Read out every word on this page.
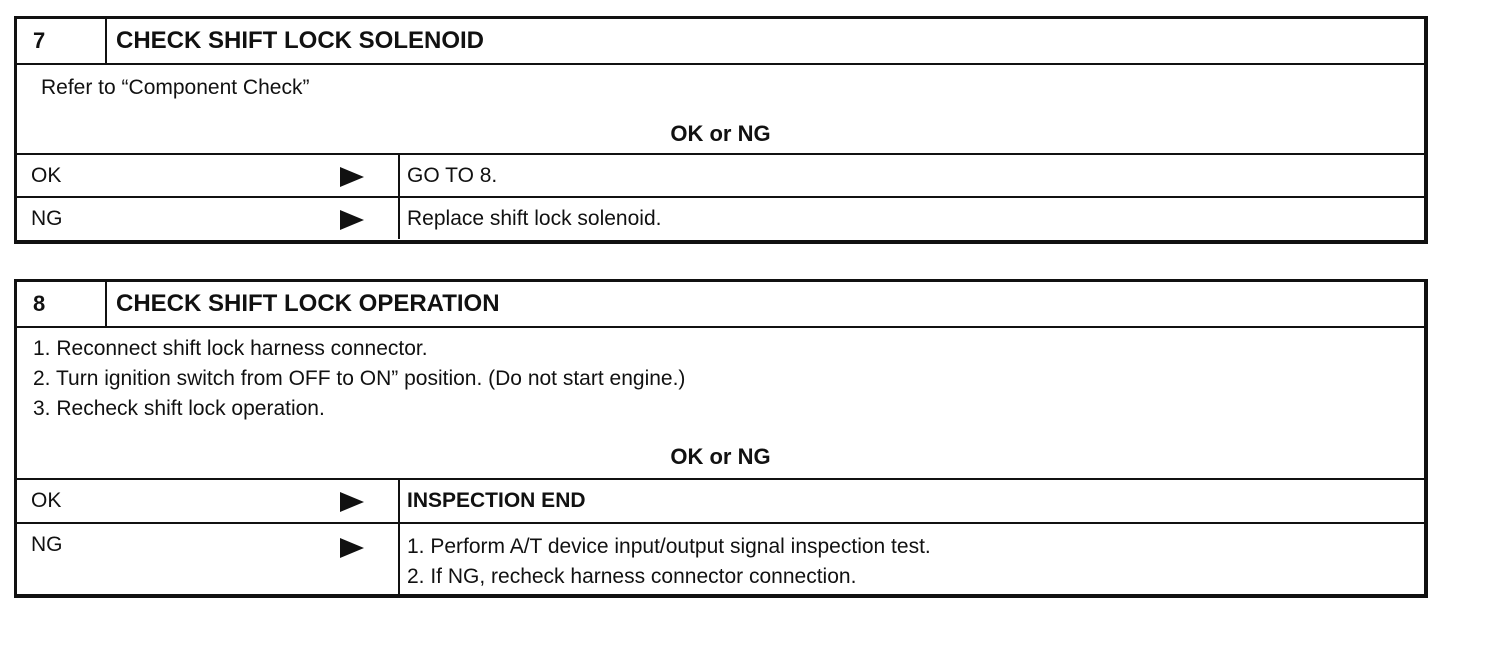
7	CHECK SHIFT LOCK SOLENOID
Refer to “Component Check”
OK or NG
OK	GO TO 8.
NG	Replace shift lock solenoid.
8	CHECK SHIFT LOCK OPERATION
1. Reconnect shift lock harness connector.
2. Turn ignition switch from OFF to ON” position. (Do not start engine.)
3. Recheck shift lock operation.
OK or NG
OK	INSPECTION END
NG	1. Perform A/T device input/output signal inspection test.
2. If NG, recheck harness connector connection.
